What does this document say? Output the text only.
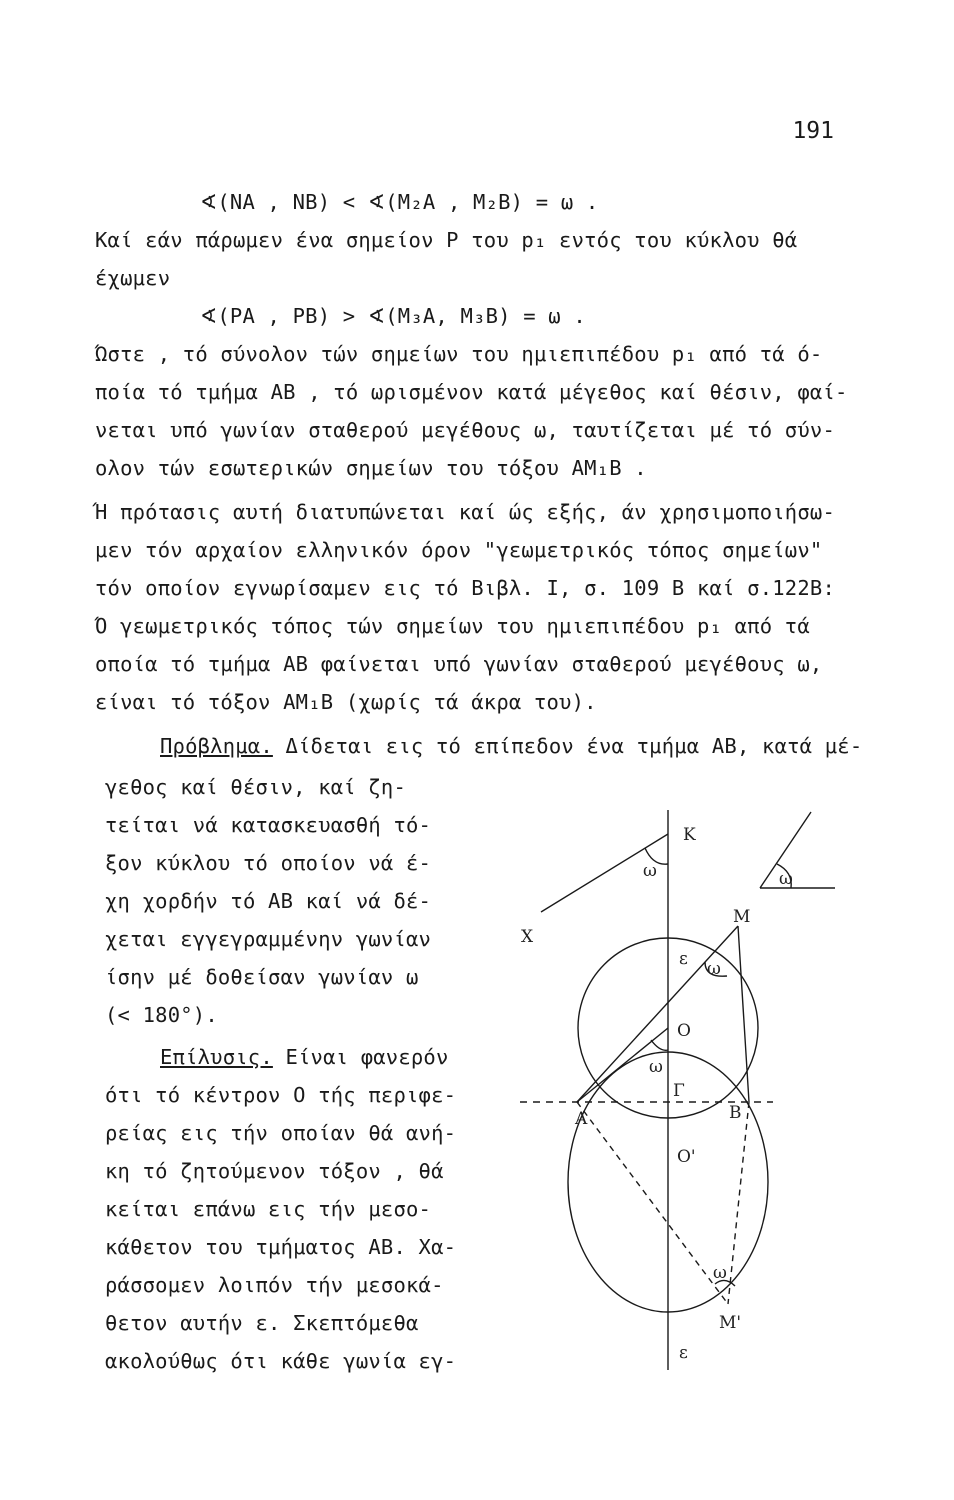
191
∢(NA , NB) < ∢(M₂A , M₂B) = ω .
Καί εάν πάρωμεν ένα σημείον P του p₁ εντός του κύκλου θά
έχωμεν
∢(PA , PB) > ∢(M₃A, M₃B) = ω .
Ώστε , τό σύνολον τών σημείων του ημιεπιπέδου p₁ από τά ό-
ποία τό τμήμα AB , τό ωρισμένον κατά μέγεθος καί θέσιν, φαί-
νεται υπό γωνίαν σταθερού μεγέθους ω, ταυτίζεται μέ τό σύν-
ολον τών εσωτερικών σημείων του τόξου AM₁B .
Ή πρότασις αυτή διατυπώνεται καί ώς εξής, άν χρησιμοποιήσω-
μεν τόν αρχαίον ελληνικόν όρον "γεωμετρικός τόπος σημείων"
τόν οποίον εγνωρίσαμεν εις τό Βιβλ. I, σ. 109 B καί σ.122B:
Ό γεωμετρικός τόπος τών σημείων του ημιεπιπέδου p₁ από τά
οποία τό τμήμα AB φαίνεται υπό γωνίαν σταθερού μεγέθους ω,
είναι τό τόξον AM₁B (χωρίς τά άκρα του).
Πρόβλημα. Δίδεται εις τό επίπεδον ένα τμήμα AB, κατά μέ-
γεθος καί θέσιν, καί ζη-
τείται νά κατασκευασθή τό-
ξον κύκλου τό οποίον νά έ-
χη χορδήν τό AB καί νά δέ-
χεται εγγεγραμμένην γωνίαν
ίσην μέ δοθείσαν γωνίαν ω
(< 180°).
Επίλυσις. Είναι φανερόν
ότι τό κέντρον O τής περιφε-
ρείας εις τήν οποίαν θά ανή-
κη τό ζητούμενον τόξον , θά
κείται επάνω εις τήν μεσο-
κάθετον του τμήματος AB. Χα-
ράσσομεν λοιπόν τήν μεσοκά-
θετον αυτήν ε. Σκεπτόμεθα
ακολούθως ότι κάθε γωνία εγ-
K
M
ε
ω
ω
ω
X
O
ω
Γ
A	B
O'
ω
M'
ε
